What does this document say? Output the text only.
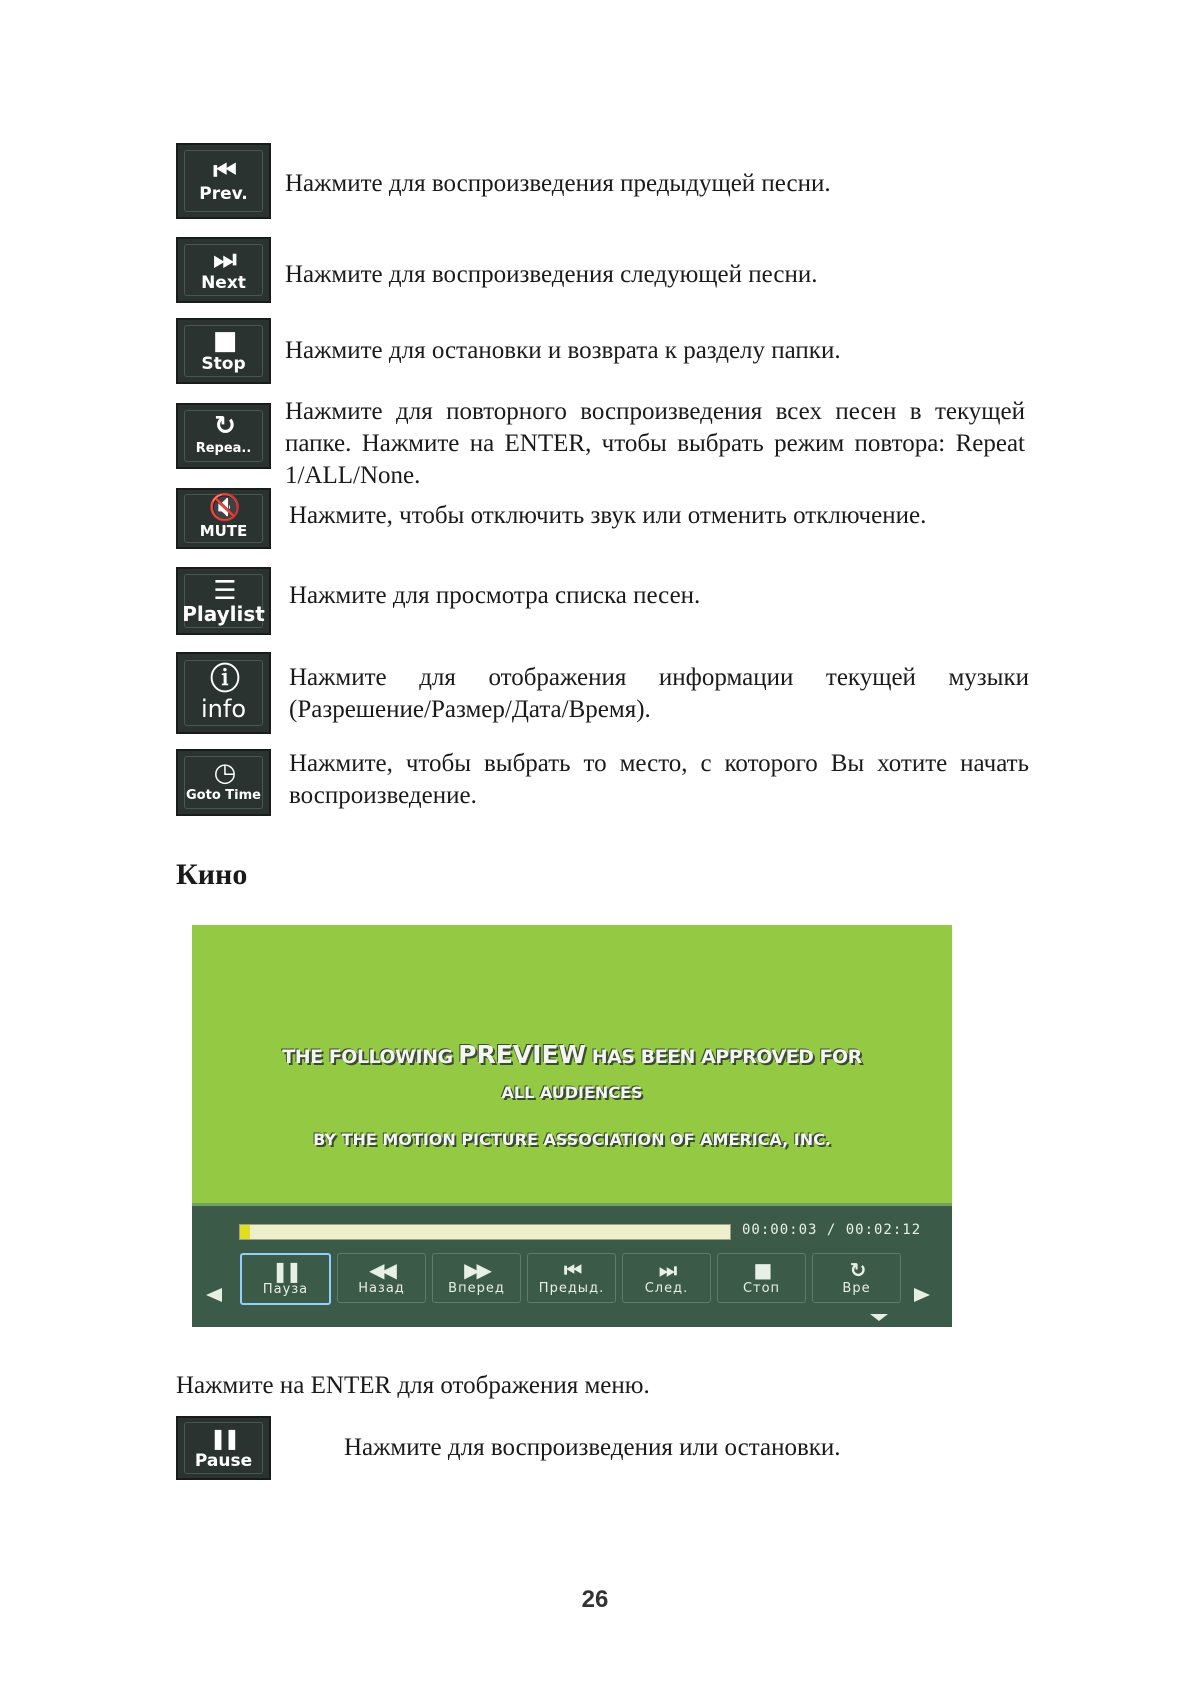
⏮
Prev. Нажмите для воспроизведения предыдущей песни.
⏭
Next Нажмите для воспроизведения следующей песни.
■
Stop Нажмите для остановки и возврата к разделу папки.
↻
Repea..
Нажмите для повторного воспроизведения всех песен в текущей папке. Нажмите на ENTER, чтобы выбрать режим повтора: Repeat 1/ALL/None.
🔇
MUTE
Нажмите, чтобы отключить звук или отменить отключение.
☰
Playlist
Нажмите для просмотра списка песен.
ⓘ
info
Нажмите для отображения информации текущей музыки (Разрешение/Размер/Дата/Время).
◷
Goto Time
Нажмите, чтобы выбрать то место, с которого Вы хотите начать воспроизведение.
Кино
THE FOLLOWING PREVIEW HAS BEEN APPROVED FOR
ALL AUDIENCES
BY THE MOTION PICTURE ASSOCIATION OF AMERICA, INC.
00:00:03 / 00:02:12
❚❚
Пауза
◀◀
Назад
▶▶
Вперед
⏮
Предыд.
⏭
След.
■
Стоп
↻
Вре
Нажмите на ENTER для отображения меню.
❚❚
Pause	Нажмите для воспроизведения или остановки.
26
